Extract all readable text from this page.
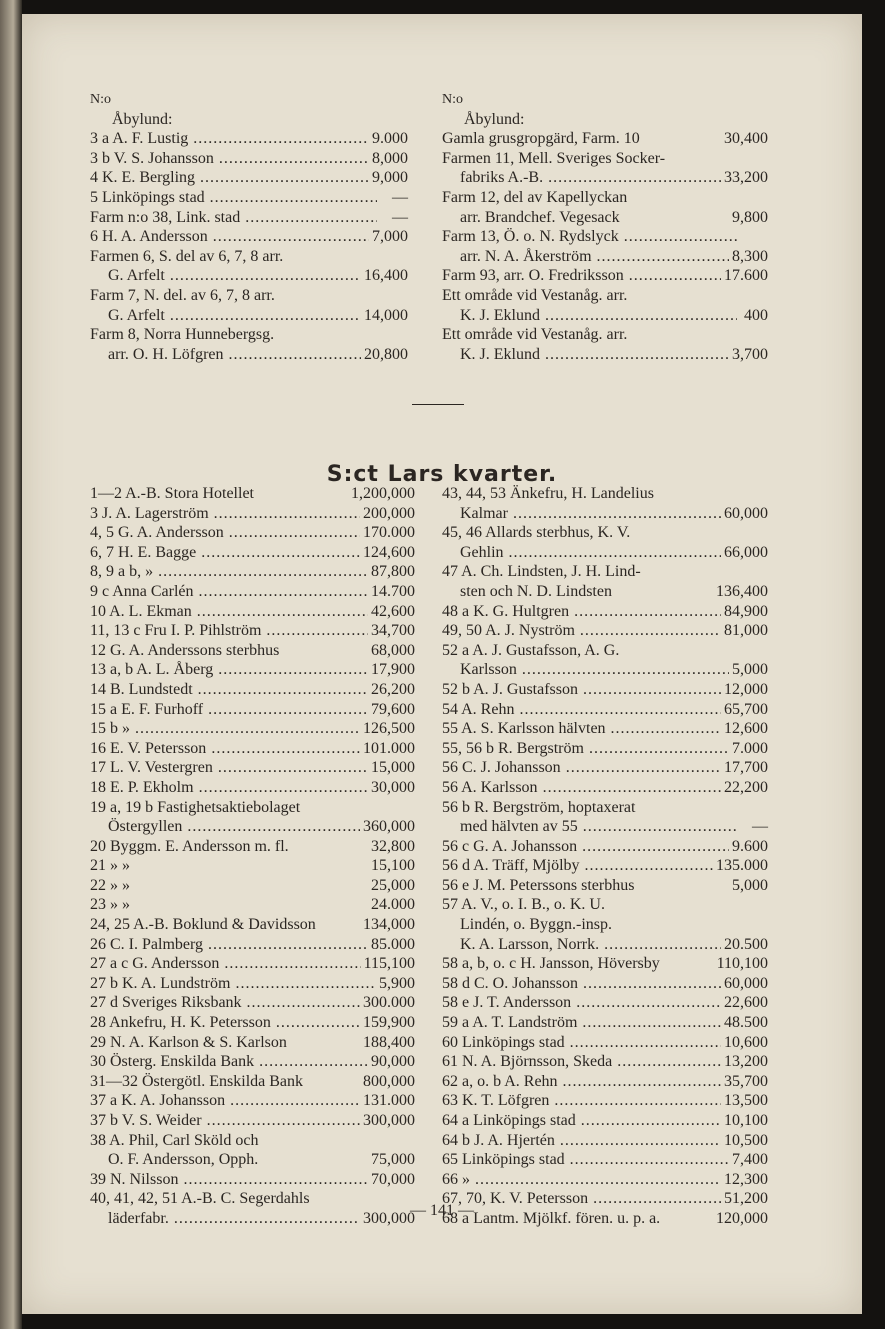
N:o
Åbylund:
3 a A. F. Lustig .....	9.000
3 b V. S. Johansson .....	8,000
4 K. E. Bergling .....	9,000
5 Linköpings stad .....	—
Farm n:o 38, Link. stad .....	—
6 H. A. Andersson .....	7,000
Farmen 6, S. del av 6, 7, 8 arr.
G. Arfelt .....	16,400
Farm 7, N. del. av 6, 7, 8 arr.
G. Arfelt .....	14,000
Farm 8, Norra Hunnebergsg.
arr. O. H. Löfgren .....	20,800
N:o
Åbylund:
Gamla grusgropgärd, Farm. 10	30,400
Farmen 11, Mell. Sveriges Socker-
fabriks A.-B. .....	33,200
Farm 12, del av Kapellyckan
arr. Brandchef. Vegesack	9,800
Farm 13, Ö. o. N. Rydslyck .....
arr. N. A. Åkerström .....	8,300
Farm 93, arr. O. Fredriksson .....	17.600
Ett område vid Vestanåg. arr.
K. J. Eklund .....	400
Ett område vid Vestanåg. arr.
K. J. Eklund .....	3,700
S:ct Lars kvarter.
1—2 A.-B. Stora Hotellet	1,200,000
3 J. A. Lagerström .....	200,000
4, 5 G. A. Andersson .....	170.000
6, 7 H. E. Bagge .....	124,600
8, 9 a b, » .....	87,800
9 c Anna Carlén .....	14.700
10 A. L. Ekman .....	42,600
11, 13 c Fru I. P. Pihlström .....	34,700
12 G. A. Anderssons sterbhus	68,000
13 a, b A. L. Åberg .....	17,900
14 B. Lundstedt .....	26,200
15 a E. F. Furhoff .....	79,600
15 b » .....	126,500
16 E. V. Petersson .....	101.000
17 L. V. Vestergren .....	15,000
18 E. P. Ekholm .....	30,000
19 a, 19 b Fastighetsaktiebolaget
Östergyllen .....	360,000
20 Byggm. E. Andersson m. fl.	32,800
21 » »	15,100
22 » »	25,000
23 » »	24.000
24, 25 A.-B. Boklund & Davidsson	134,000
26 C. I. Palmberg .....	85.000
27 a c G. Andersson .....	115,100
27 b K. A. Lundström .....	5,900
27 d Sveriges Riksbank .....	300.000
28 Ankefru, H. K. Petersson .....	159,900
29 N. A. Karlson & S. Karlson	188,400
30 Österg. Enskilda Bank .....	90,000
31—32 Östergötl. Enskilda Bank	800,000
37 a K. A. Johansson .....	131.000
37 b V. S. Weider .....	300,000
38 A. Phil, Carl Sköld och
O. F. Andersson, Opph.	75,000
39 N. Nilsson .....	70,000
40, 41, 42, 51 A.-B. C. Segerdahls
läderfabr. .....	300,000
43, 44, 53 Änkefru, H. Landelius
Kalmar .....	60,000
45, 46 Allards sterbhus, K. V.
Gehlin .....	66,000
47 A. Ch. Lindsten, J. H. Lind-
sten och N. D. Lindsten	136,400
48 a K. G. Hultgren .....	84,900
49, 50 A. J. Nyström .....	81,000
52 a A. J. Gustafsson, A. G.
Karlsson .....	5,000
52 b A. J. Gustafsson .....	12,000
54 A. Rehn .....	65,700
55 A. S. Karlsson hälvten .....	12,600
55, 56 b R. Bergström .....	7.000
56 C. J. Johansson .....	17,700
56 A. Karlsson .....	22,200
56 b R. Bergström, hoptaxerat
med hälvten av 55 .....	—
56 c G. A. Johansson .....	9.600
56 d A. Träff, Mjölby .....	135.000
56 e J. M. Peterssons sterbhus	5,000
57 A. V., o. I. B., o. K. U.
Lindén, o. Byggn.-insp.
K. A. Larsson, Norrk. .....	20.500
58 a, b, o. c H. Jansson, Höversby	110,100
58 d C. O. Johansson .....	60,000
58 e J. T. Andersson .....	22,600
59 a A. T. Landström .....	48.500
60 Linköpings stad .....	10,600
61 N. A. Björnsson, Skeda .....	13,200
62 a, o. b A. Rehn .....	35,700
63 K. T. Löfgren .....	13,500
64 a Linköpings stad .....	10,100
64 b J. A. Hjertén .....	10,500
65 Linköpings stad .....	7,400
66 » .....	12,300
67, 70, K. V. Petersson .....	51,200
68 a Lantm. Mjölkf. fören. u. p. a.	120,000
— 141 —
